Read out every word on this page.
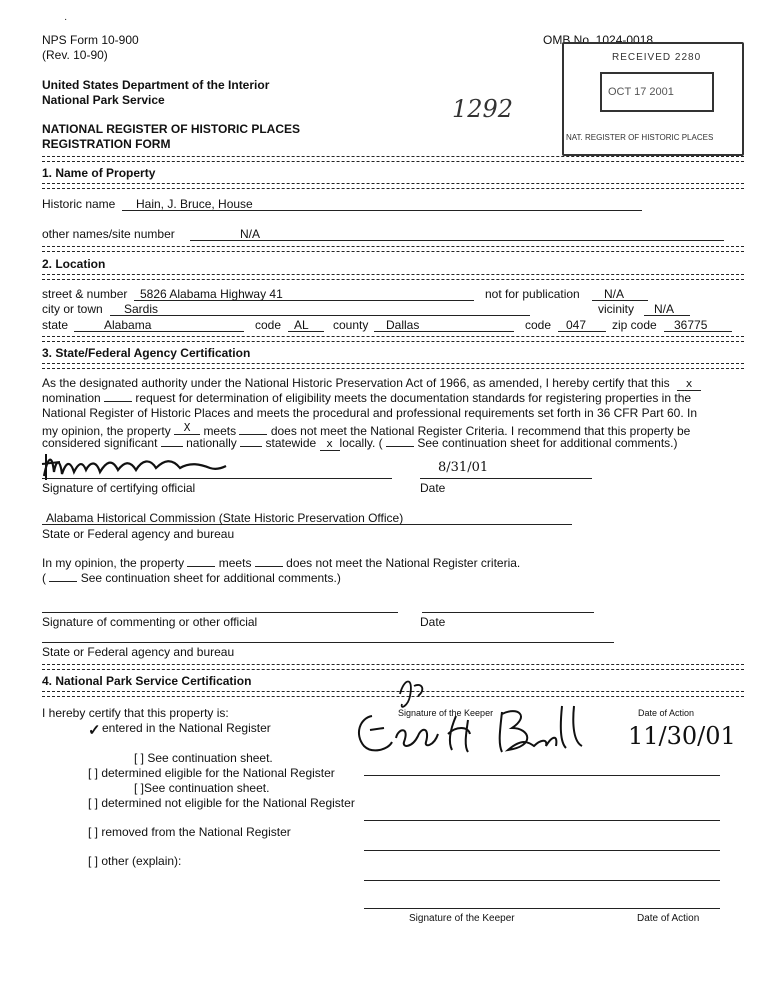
·
NPS Form 10-900
(Rev. 10-90)
OMB No. 1024-0018
United States Department of the Interior
National Park Service
NATIONAL REGISTER OF HISTORIC PLACES
REGISTRATION FORM
1292
RECEIVED 2280
OCT 17 2001
NAT. REGISTER OF HISTORIC PLACES
1. Name of Property
Historic name Hain, J. Bruce, House
other names/site number	N/A
2. Location
street & number 5826 Alabama Highway 41	not for publication N/A
city or town Sardis	vicinity N/A
state	Alabama	code AL county Dallas	code 047 zip code 36775
3. State/Federal Agency Certification
As the designated authority under the National Historic Preservation Act of 1966, as amended, I hereby certify that this x
nomination	request for determination of eligibility meets the documentation standards for registering properties in the
National Register of Historic Places and meets the procedural and professional requirements set forth in 36 CFR Part 60. In
my opinion, the property X meets	does not meet the National Register Criteria. I recommend that this property be
considered significant nationally statewide x locally. (	See continuation sheet for additional comments.)
8/31/01
Signature of certifying official	Date
Alabama Historical Commission (State Historic Preservation Office)
State or Federal agency and bureau
In my opinion, the property	meets	does not meet the National Register criteria.
(	See continuation sheet for additional comments.)
Signature of commenting or other official	Date
State or Federal agency and bureau
4. National Park Service Certification
I hereby certify that this property is:
✓ entered in the National Register
[ ] See continuation sheet.
[ ] determined eligible for the National Register
[ ]See continuation sheet.
[ ] determined not eligible for the National Register
[ ] removed from the National Register
[ ] other (explain):
Signature of the Keeper	Date of Action
11/30/01
Signature of the Keeper	Date of Action
